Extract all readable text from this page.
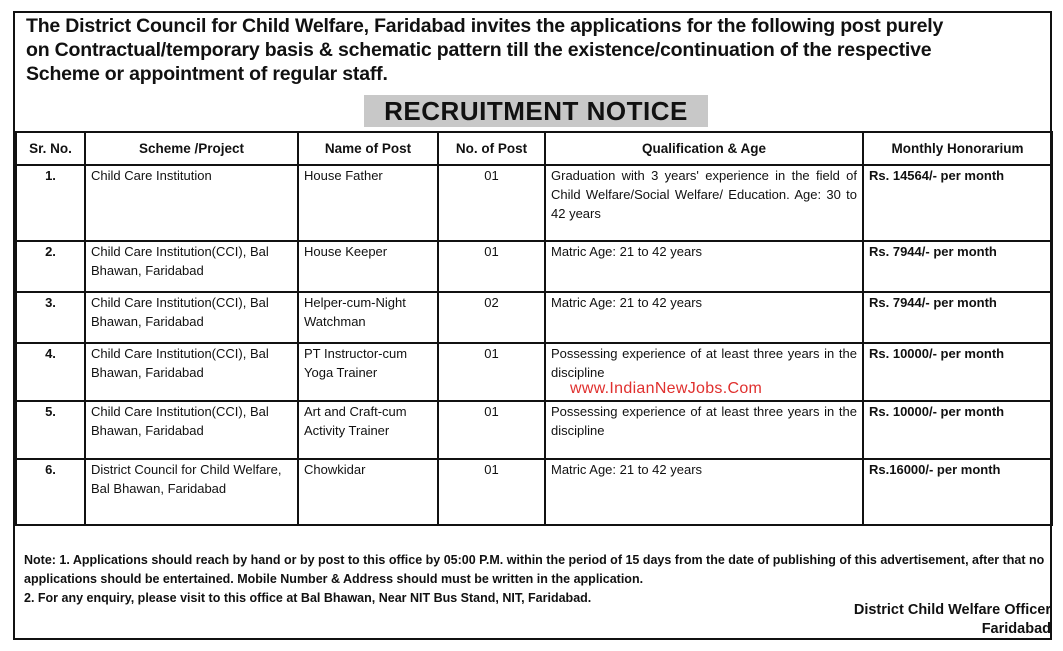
The District Council for Child Welfare, Faridabad invites the applications for the following post purely
on Contractual/temporary basis & schematic pattern till the existence/continuation of the respective
Scheme or appointment of regular staff.
RECRUITMENT NOTICE
Sr. No.	Scheme /Project	Name of Post	No. of Post	Qualification & Age	Monthly Honorarium
1.	Child Care Institution	House Father	01	Graduation with 3 years' experience in the field of Child Welfare/Social Welfare/ Education. Age: 30 to 42 years	Rs. 14564/- per month
2.	Child Care Institution(CCI), Bal Bhawan, Faridabad	House Keeper	01	Matric Age: 21 to 42 years	Rs. 7944/- per month
3.	Child Care Institution(CCI), Bal Bhawan, Faridabad	Helper-cum-Night Watchman	02	Matric Age: 21 to 42 years	Rs. 7944/- per month
4.	Child Care Institution(CCI), Bal Bhawan, Faridabad	PT Instructor-cum Yoga Trainer	01	Possessing experience of at least three years in the discipline	Rs. 10000/- per month
5.	Child Care Institution(CCI), Bal Bhawan, Faridabad	Art and Craft-cum Activity Trainer	01	Possessing experience of at least three years in the discipline	Rs. 10000/- per month
6.	District Council for Child Welfare, Bal Bhawan, Faridabad	Chowkidar	01	Matric Age: 21 to 42 years	Rs.16000/- per month
www.IndianNewJobs.Com

Note: 1. Applications should reach by hand or by post to this office by 05:00 P.M. within the period of 15 days from the date of publishing of this advertisement, after that no applications should be entertained. Mobile Number & Address should must be written in the application.

2. For any enquiry, please visit to this office at Bal Bhawan, Near NIT Bus Stand, NIT, Faridabad.

District Child Welfare Officer
Faridabad
